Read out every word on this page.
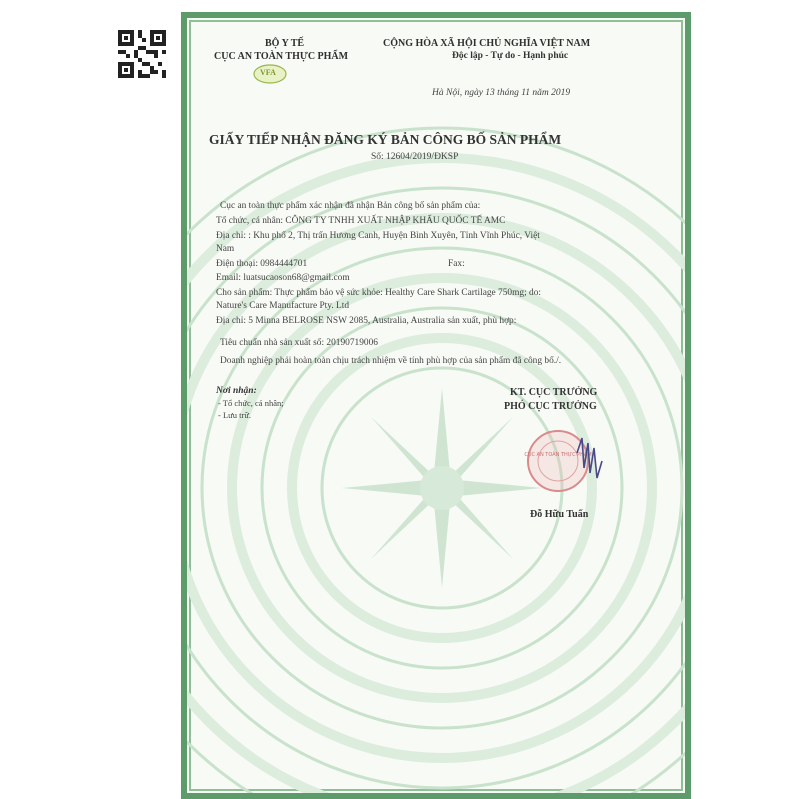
BỘ Y TẾ
CỤC AN TOÀN THỰC PHẨM
VFA
CỘNG HÒA XÃ HỘI CHỦ NGHĨA VIỆT NAM
Độc lập - Tự do - Hạnh phúc
Hà Nội, ngày 13 tháng 11 năm 2019
GIẤY TIẾP NHẬN ĐĂNG KÝ BẢN CÔNG BỐ SẢN PHẨM
Số: 12604/2019/ĐKSP
Cục an toàn thực phẩm xác nhận đã nhận Bản công bố sản phẩm của:
Tổ chức, cá nhân: CÔNG TY TNHH XUẤT NHẬP KHẨU QUỐC TẾ AMC
Địa chỉ: : Khu phố 2, Thị trấn Hương Canh, Huyện Bình Xuyên, Tỉnh Vĩnh Phúc, Việt
Nam
Điện thoại: 0984444701	Fax:
Email: luatsucaoson68@gmail.com
Cho sản phẩm: Thực phẩm bảo vệ sức khỏe: Healthy Care Shark Cartilage 750mg; do:
Nature's Care Manufacture Pty. Ltd
Địa chỉ: 5 Minna BELROSE NSW 2085, Australia, Australia sản xuất, phù hợp:
Tiêu chuẩn nhà sản xuất số: 20190719006
Doanh nghiệp phải hoàn toàn chịu trách nhiệm về tính phù hợp của sản phẩm đã công bố./.
Nơi nhận:
- Tổ chức, cá nhân;
- Lưu trữ.
KT. CỤC TRƯỞNG
PHÓ CỤC TRƯỞNG
CỤC AN TOÀN THỰC PHẨM
Đỗ Hữu Tuấn
